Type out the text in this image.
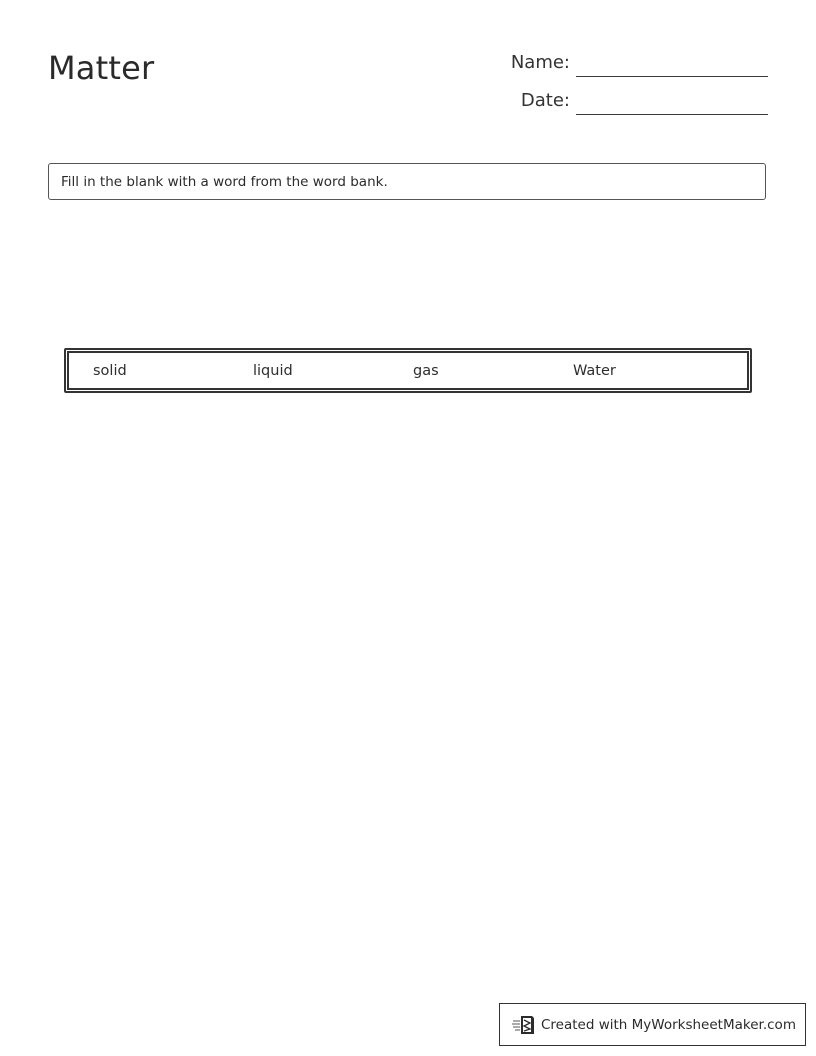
Matter	Name:
Date:
Fill in the blank with a word from the word bank.
solid	liquid	gas	Water
Created with MyWorksheetMaker.com
